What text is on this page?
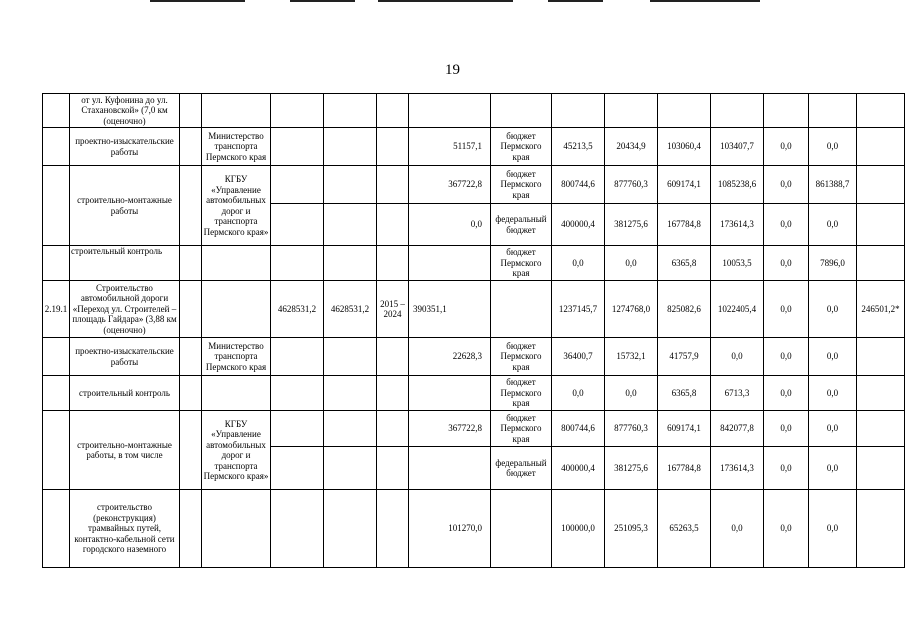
19
	от ул. Куфонина до ул. Стахановской» (7,0 км (оценочно)														
	проектно-изыскательские работы		Министерство транспорта Пермского края				51157,1	бюджет Пермского края	45213,5	20434,9	103060,4	103407,7	0,0	0,0	
	строительно-монтажные работы		КГБУ «Управление автомобильных дорог и транспорта Пермского края»				367722,8	бюджет Пермского края	800744,6	877760,3	609174,1	1085238,6	0,0	861388,7	
							0,0	федеральный бюджет	400000,4	381275,6	167784,8	173614,3	0,0	0,0	
	строительный контроль							бюджет Пермского края	0,0	0,0	6365,8	10053,5	0,0	7896,0	
2.19.1	Строительство автомобильной дороги «Переход ул. Строителей – площадь Гайдара» (3,88 км (оценочно)			4628531,2	4628531,2	2015 – 2024	390351,1		1237145,7	1274768,0	825082,6	1022405,4	0,0	0,0	246501,2*
	проектно-изыскательские работы		Министерство транспорта Пермского края				22628,3	бюджет Пермского края	36400,7	15732,1	41757,9	0,0	0,0	0,0	
	строительный контроль							бюджет Пермского края	0,0	0,0	6365,8	6713,3	0,0	0,0	
	строительно-монтажные работы, в том числе		КГБУ «Управление автомобильных дорог и транспорта Пермского края»				367722,8	бюджет Пермского края	800744,6	877760,3	609174,1	842077,8	0,0	0,0	
								федеральный бюджет	400000,4	381275,6	167784,8	173614,3	0,0	0,0	
	строительство (реконструкция) трамвайных путей, контактно-кабельной сети городского наземного						101270,0		100000,0	251095,3	65263,5	0,0	0,0	0,0	
